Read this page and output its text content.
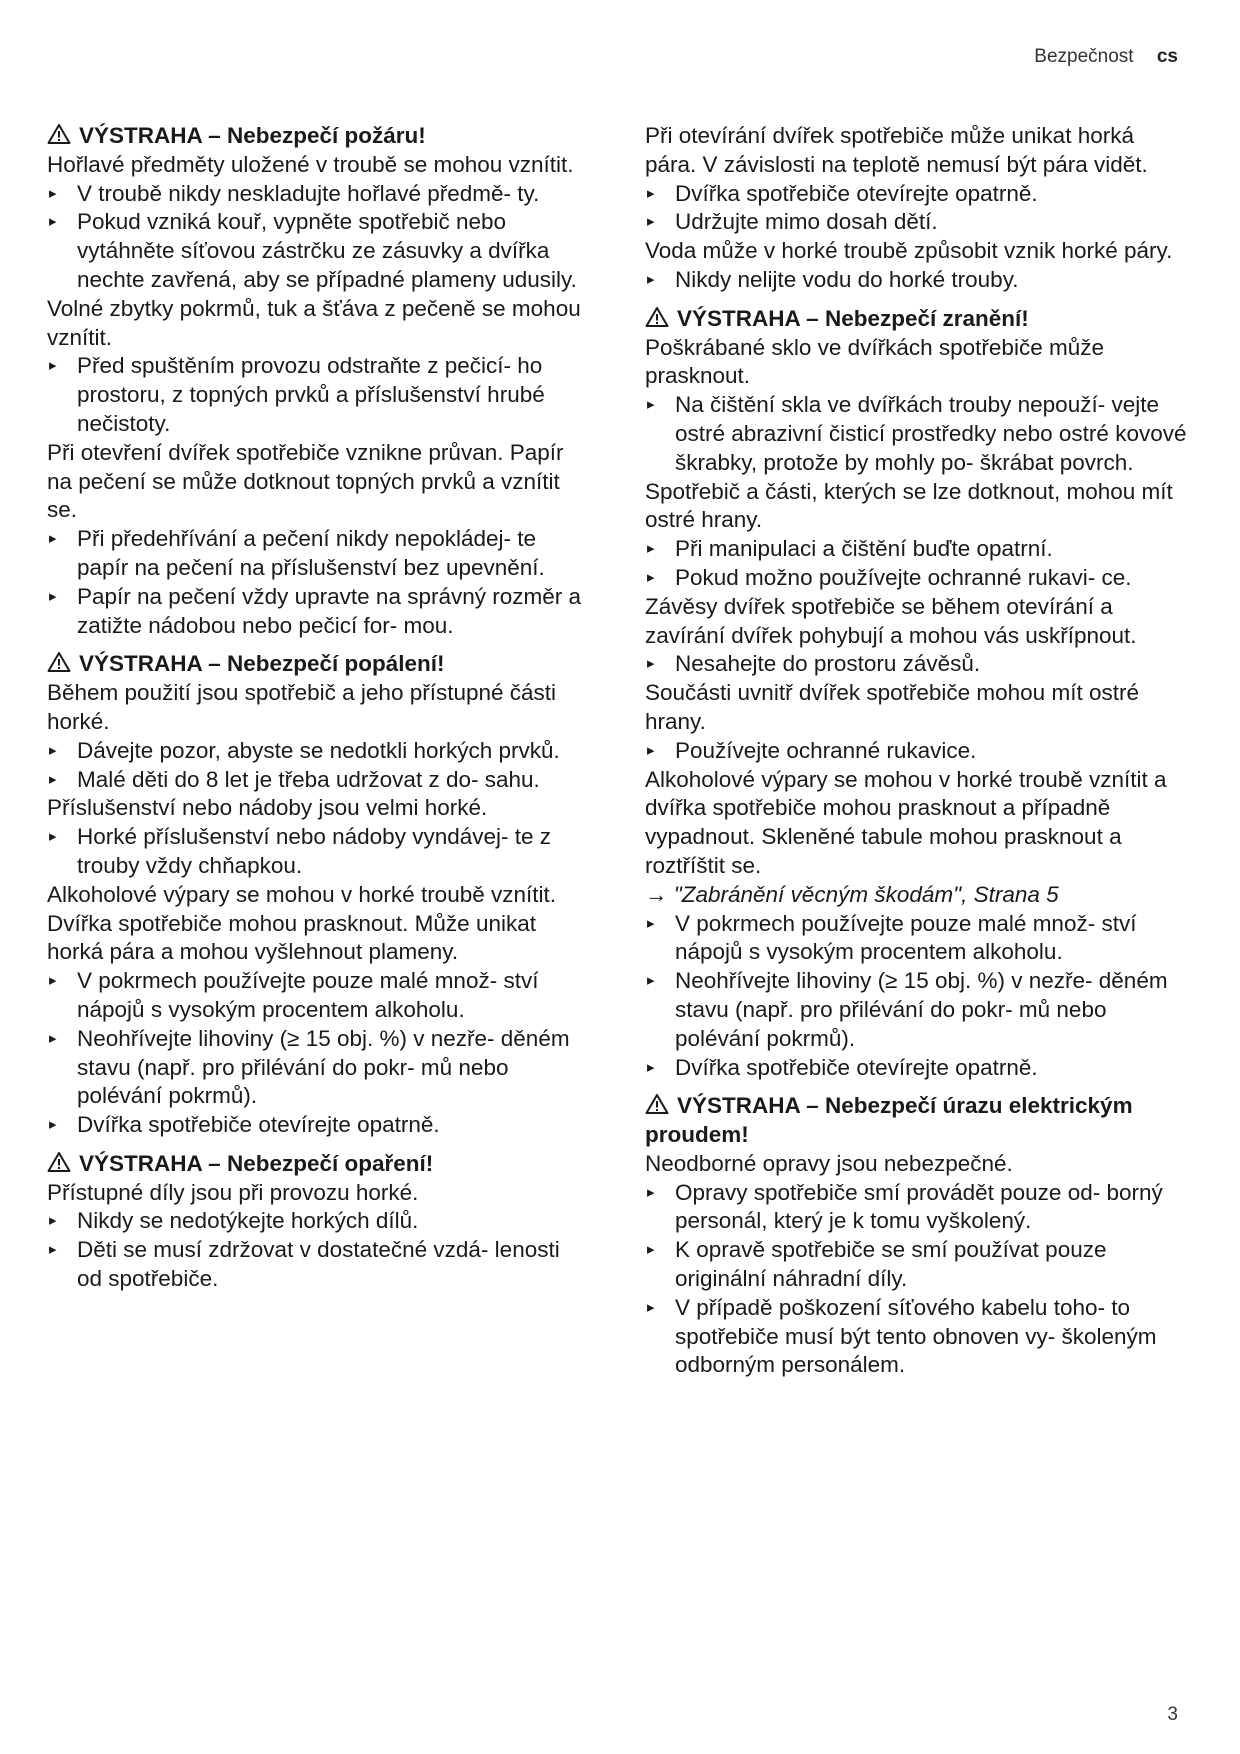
Bezpečnost cs
VÝSTRAHA – Nebezpečí požáru!

Hořlavé předměty uložené v troubě se mohou vznítit.

▸ V troubě nikdy neskladujte hořlavé předmě- ty.
▸ Pokud vzniká kouř, vypněte spotřebič nebo vytáhněte síťovou zástrčku ze zásuvky a dvířka nechte zavřená, aby se případné plameny udusily.

Volné zbytky pokrmů, tuk a šťáva z pečeně se mohou vznítit.

▸ Před spuštěním provozu odstraňte z pečicí- ho prostoru, z topných prvků a příslušenství hrubé nečistoty.

Při otevření dvířek spotřebiče vznikne průvan. Papír na pečení se může dotknout topných prvků a vznítit se.

▸ Při předehřívání a pečení nikdy nepokládej- te papír na pečení na příslušenství bez upevnění.
▸ Papír na pečení vždy upravte na správný rozměr a zatižte nádobou nebo pečicí for- mou.
VÝSTRAHA – Nebezpečí popálení!

Během použití jsou spotřebič a jeho přístupné části horké.

▸ Dávejte pozor, abyste se nedotkli horkých prvků.
▸ Malé děti do 8 let je třeba udržovat z do- sahu.

Příslušenství nebo nádoby jsou velmi horké.

▸ Horké příslušenství nebo nádoby vyndávej- te z trouby vždy chňapkou.

Alkoholové výpary se mohou v horké troubě vznítit. Dvířka spotřebiče mohou prasknout. Může unikat horká pára a mohou vyšlehnout plameny.

▸ V pokrmech používejte pouze malé množ- ství nápojů s vysokým procentem alkoholu.
▸ Neohřívejte lihoviny (≥ 15 obj. %) v nezře- děném stavu (např. pro přilévání do pokr- mů nebo polévání pokrmů).
▸ Dvířka spotřebiče otevírejte opatrně.
VÝSTRAHA – Nebezpečí opaření!

Přístupné díly jsou při provozu horké.

▸ Nikdy se nedotýkejte horkých dílů.
▸ Děti se musí zdržovat v dostatečné vzdá- lenosti od spotřebiče.

Při otevírání dvířek spotřebiče může unikat horká pára. V závislosti na teplotě nemusí být pára vidět.

▸ Dvířka spotřebiče otevírejte opatrně.
▸ Udržujte mimo dosah dětí.

Voda může v horké troubě způsobit vznik horké páry.

▸ Nikdy nelijte vodu do horké trouby.
VÝSTRAHA – Nebezpečí zranění!

Poškrábané sklo ve dvířkách spotřebiče může prasknout.

▸ Na čištění skla ve dvířkách trouby nepouží- vejte ostré abrazivní čisticí prostředky nebo ostré kovové škrabky, protože by mohly po- škrábat povrch.

Spotřebič a části, kterých se lze dotknout, mohou mít ostré hrany.

▸ Při manipulaci a čištění buďte opatrní.
▸ Pokud možno používejte ochranné rukavi- ce.

Závěsy dvířek spotřebiče se během otevírání a zavírání dvířek pohybují a mohou vás uskřípnout.

▸ Nesahejte do prostoru závěsů.

Součásti uvnitř dvířek spotřebiče mohou mít ostré hrany.

▸ Používejte ochranné rukavice.

Alkoholové výpary se mohou v horké troubě vznítit a dvířka spotřebiče mohou prasknout a případně vypadnout. Skleněné tabule mohou prasknout a roztříštit se.

→ "Zabránění věcným škodám", Strana 5

▸ V pokrmech používejte pouze malé množ- ství nápojů s vysokým procentem alkoholu.
▸ Neohřívejte lihoviny (≥ 15 obj. %) v nezře- děném stavu (např. pro přilévání do pokr- mů nebo polévání pokrmů).
▸ Dvířka spotřebiče otevírejte opatrně.
VÝSTRAHA – Nebezpečí úrazu elektrickým proudem!

Neodborné opravy jsou nebezpečné.

▸ Opravy spotřebiče smí provádět pouze od- borný personál, který je k tomu vyškolený.
▸ K opravě spotřebiče se smí používat pouze originální náhradní díly.
▸ V případě poškození síťového kabelu toho- to spotřebiče musí být tento obnoven vy- školeným odborným personálem.
3
